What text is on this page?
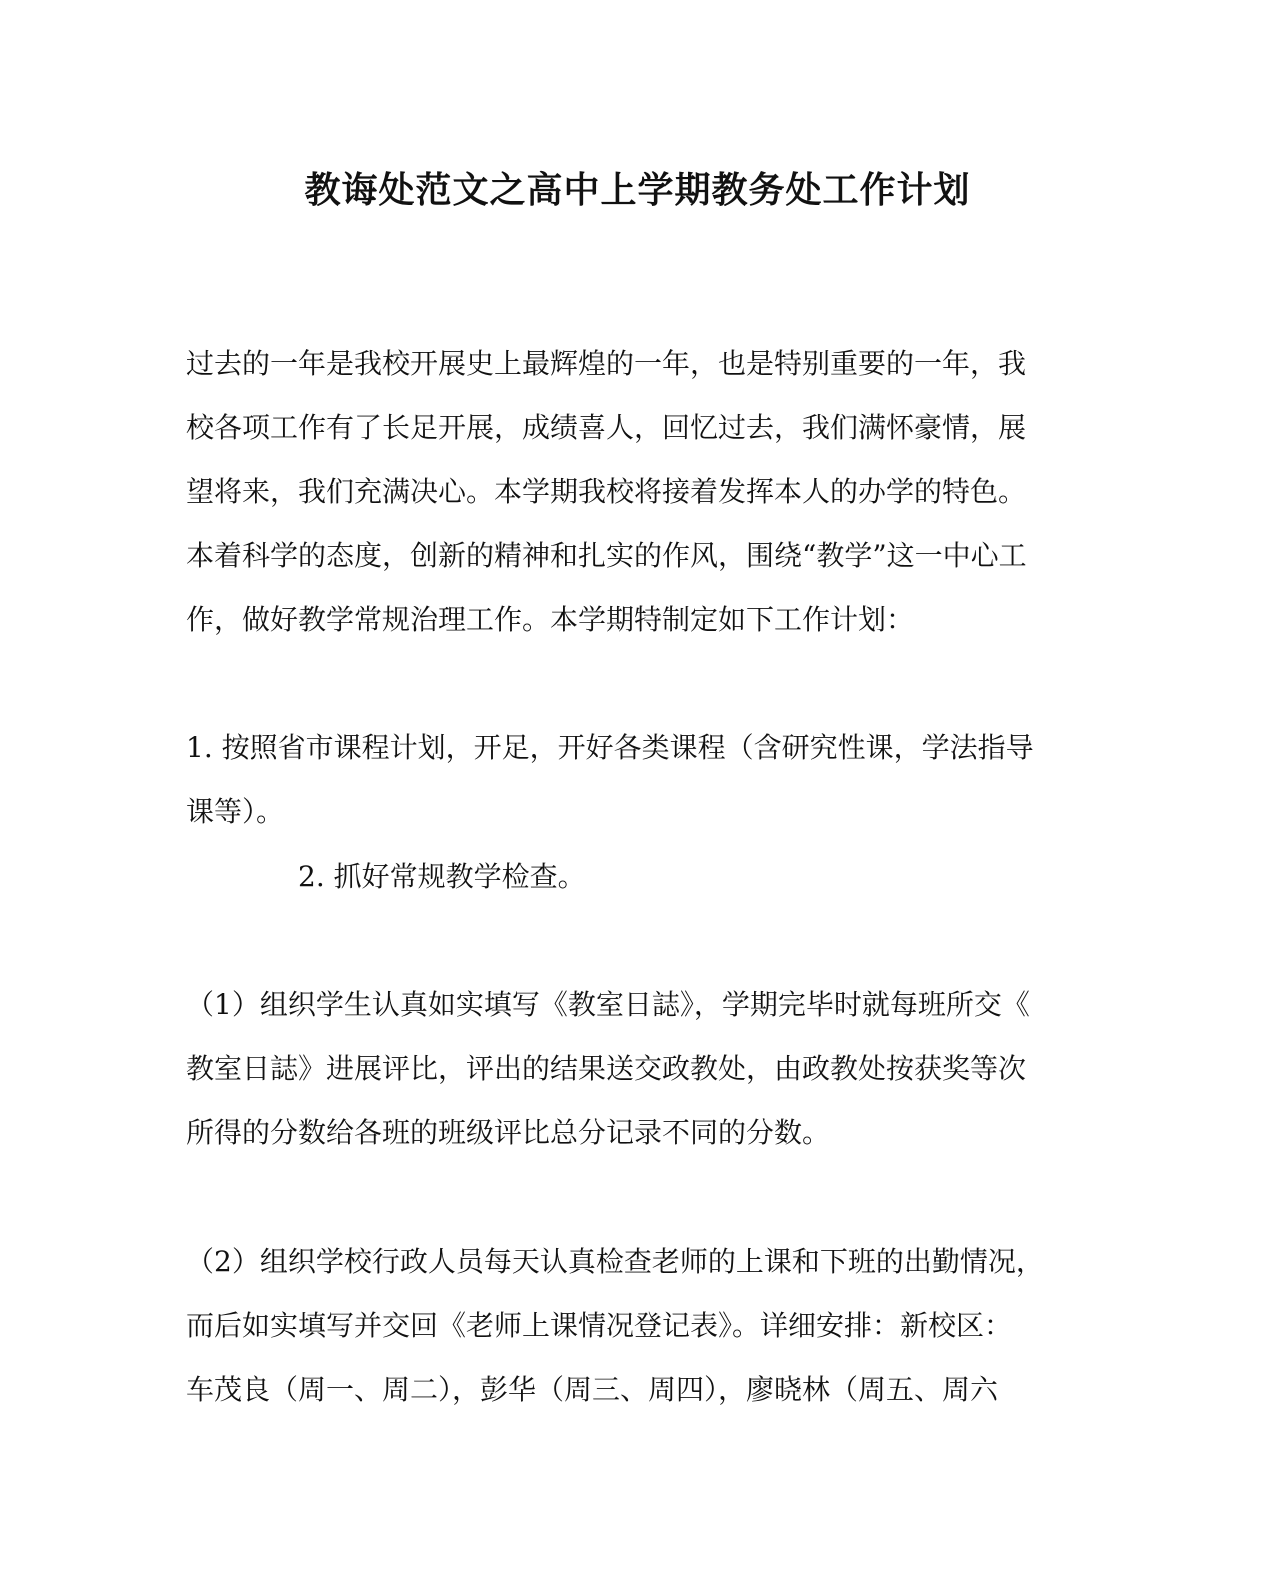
教诲处范文之高中上学期教务处工作计划
过去的一年是我校开展史上最辉煌的一年，也是特别重要的一年，我
校各项工作有了长足开展，成绩喜人，回忆过去，我们满怀豪情，展
望将来，我们充满决心。本学期我校将接着发挥本人的办学的特色。
本着科学的态度，创新的精神和扎实的作风，围绕“教学”这一中心工
作，做好教学常规治理工作。本学期特制定如下工作计划：
1. 按照省市课程计划，开足，开好各类课程（含研究性课，学法指导
课等）。
2. 抓好常规教学检查。
（1）组织学生认真如实填写《教室日誌》，学期完毕时就每班所交《
教室日誌》进展评比，评出的结果送交政教处，由政教处按获奖等次
所得的分数给各班的班级评比总分记录不同的分数。
（2）组织学校行政人员每天认真检查老师的上课和下班的出勤情况，
而后如实填写并交回《老师上课情况登记表》。详细安排：新校区：
车茂良（周一、周二），彭华（周三、周四），廖晓林（周五、周六
